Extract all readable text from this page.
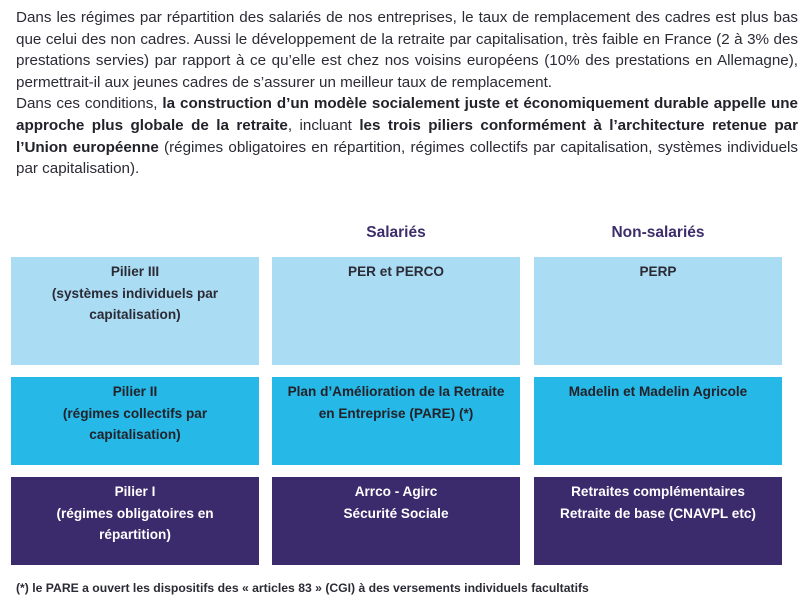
Dans les régimes par répartition des salariés de nos entreprises, le taux de remplacement des cadres est plus bas que celui des non cadres. Aussi le développement de la retraite par capitalisation, très faible en France (2 à 3% des prestations servies) par rapport à ce qu’elle est chez nos voisins européens (10% des prestations en Allemagne), permettrait-il aux jeunes cadres de s’assurer un meilleur taux de remplacement.

Dans ces conditions, la construction d’un modèle socialement juste et économiquement durable appelle une approche plus globale de la retraite, incluant les trois piliers conformément à l’architecture retenue par l’Union européenne (régimes obligatoires en répartition, régimes collectifs par capitalisation, systèmes individuels par capitalisation).

Salariés	Non-salariés
Pilier III
(systèmes individuels par capitalisation)
PER et PERCO	PERP
Pilier II
(régimes collectifs par capitalisation)
Plan d’Amélioration de la Retraite en Entreprise (PARE) (*)
Madelin et Madelin Agricole
Pilier I
(régimes obligatoires en répartition)
Arrco - Agirc
Sécurité Sociale
Retraites complémentaires
Retraite de base (CNAVPL etc)
(*) le PARE a ouvert les dispositifs des « articles 83 » (CGI) à des versements individuels facultatifs
